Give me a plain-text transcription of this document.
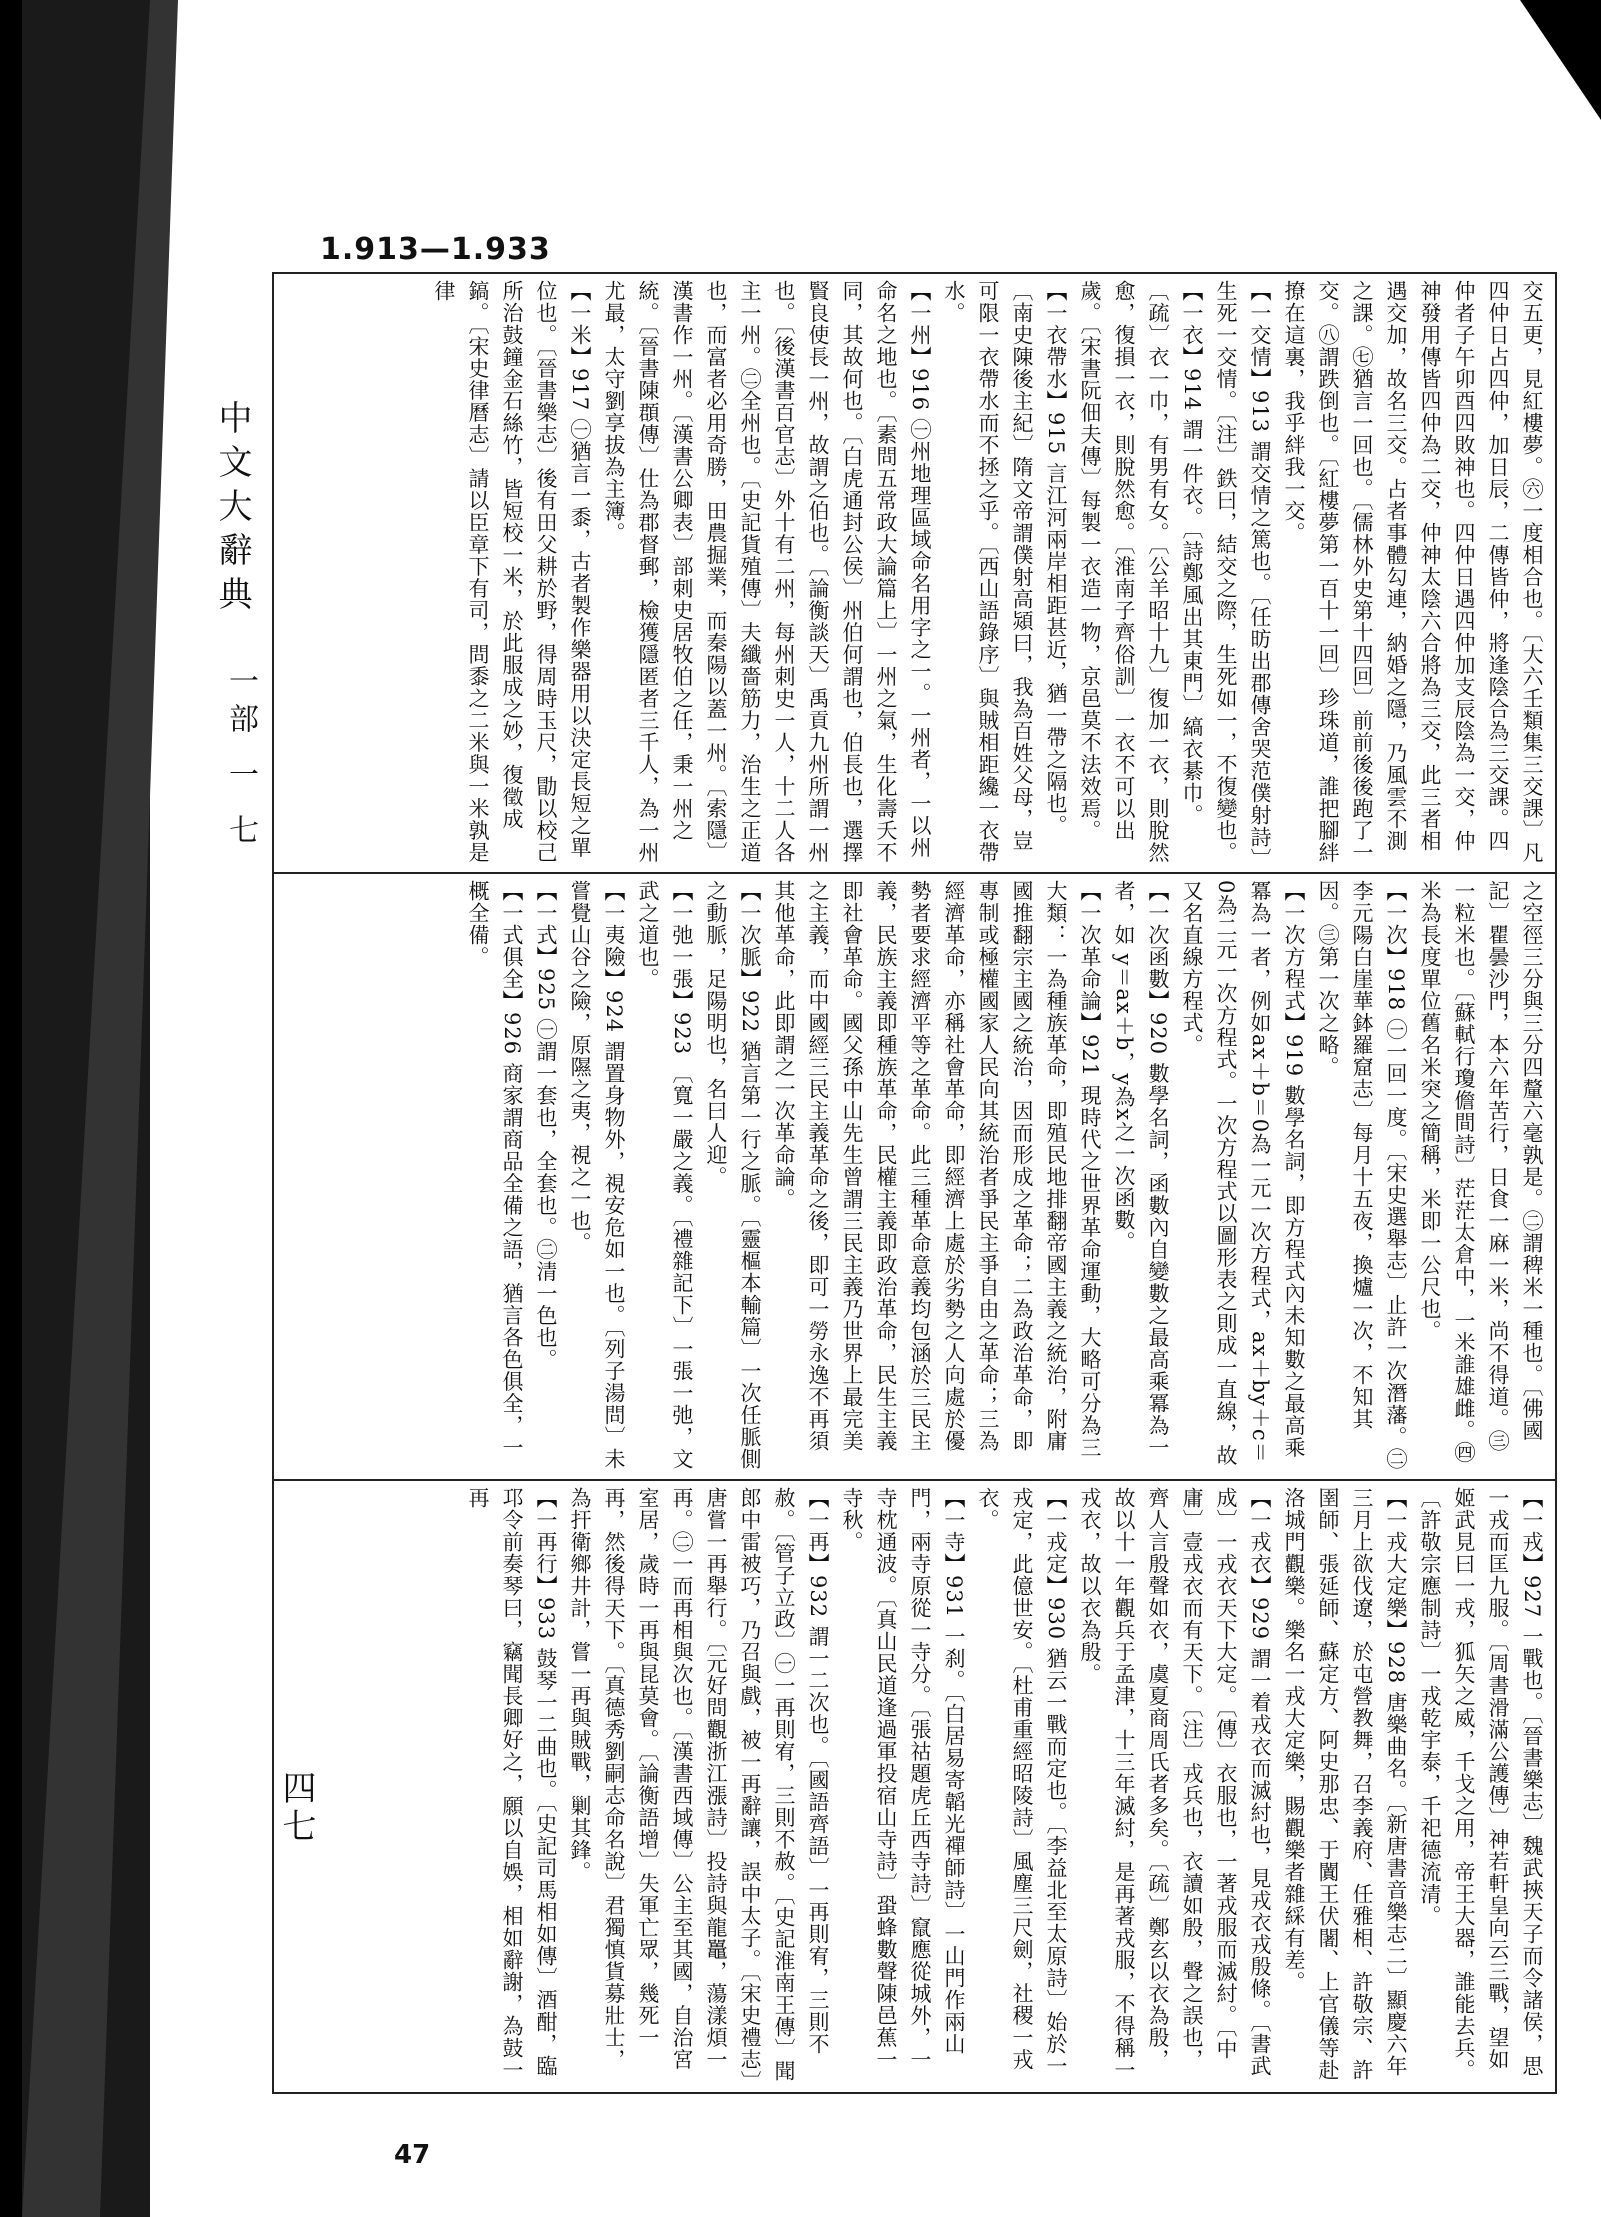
1.913—1.933
中文大辭典
一部 一 七	交五更，見紅樓夢。㊅一度相合也。〔大六壬類集三交課〕凡四仲日占四仲，加日辰，二傳皆仲，將逢陰合為三交課。四仲者子午卯酉四敗神也。四仲日遇四仲加支辰陰為一交，仲神發用傳皆四仲為二交，仲神太陰六合將為三交，此三者相遇交加，故名三交。占者事體勾連，納婚之隱，乃風雲不測之課。㊆猶言一回也。〔儒林外史第十四回〕前前後後跑了一交。㊇謂跌倒也。〔紅樓夢第一百十一回〕珍珠道，誰把腳絆撩在這裏，我乎絆我一交。

【一交情】913 謂交情之篤也。〔任昉出郡傳舍哭范僕射詩〕生死一交情。〔注〕鉄曰，結交之際，生死如一，不復變也。

【一衣】914 謂一件衣。〔詩鄭風出其東門〕縞衣綦巾。〔疏〕衣一巾，有男有女。〔公羊昭十九〕復加一衣，則脫然愈，復損一衣，則脫然愈。〔淮南子齊俗訓〕一衣不可以出歲。〔宋書阮佃夫傳〕每製一衣造一物，京邑莫不法效焉。

【一衣帶水】915 言江河兩岸相距甚近，猶一帶之隔也。〔南史陳後主紀〕隋文帝謂僕射高熲曰，我為百姓父母，豈可限一衣帶水而不拯之乎。〔西山語錄序〕與賊相距纔一衣帶水。

【一州】916 ㊀州地理區域命名用字之一。一州者，一以州命名之地也。〔素問五常政大論篇上〕一州之氣，生化壽夭不同，其故何也。〔白虎通封公侯〕州伯何謂也，伯長也，選擇賢良使長一州，故謂之伯也。〔論衡談天〕禹貢九州所謂一州也。〔後漢書百官志〕外十有二州，每州刺史一人，十二人各主一州。㊁全州也。〔史記貨殖傳〕夫纖嗇筋力，治生之正道也，而富者必用奇勝，田農掘業，而秦陽以蓋一州。〔索隱〕漢書作一州。〔漢書公卿表〕部刺史居牧伯之任，秉一州之統。〔晉書陳頵傳〕仕為郡督郵，檢獲隱匿者三千人，為一州尤最，太守劉享拔為主簿。

【一米】917 ㊀猶言一黍，古者製作樂器用以決定長短之單位也。〔晉書樂志〕後有田父耕於野，得周時玉尺，勖以校己所治鼓鐘金石絲竹，皆短校一米，於此服成之妙，復徵成鎬。〔宋史律曆志〕請以臣章下有司，問黍之二米與一米孰是律

之空徑三分與三分四釐六毫孰是。㊁謂稗米一種也。〔佛國記〕瞿曇沙門，本六年苦行，日食一麻一米，尚不得道。㊂一粒米也。〔蘇軾行瓊儋間詩〕茫茫太倉中，一米誰雄雌。㊃米為長度單位舊名米突之簡稱，米即一公尺也。

【一次】918 ㊀一回一度。〔宋史選舉志〕止許一次潛藩。㊁李元陽白崖華鉢羅窟志〕每月十五夜，換爐一次，不知其因。㊂第一次之略。

【一次方程式】919 數學名詞，即方程式內未知數之最高乘冪為一者，例如ax＋b＝0為一元一次方程式，ax＋by＋c＝0為二元一次方程式。一次方程式以圖形表之則成一直線，故又名直線方程式。

【一次函數】920 數學名詞，函數內自變數之最高乘冪為一者，如 y＝ax＋b，y為x之一次函數。

【一次革命論】921 現時代之世界革命運動，大略可分為三大類：一為種族革命，即殖民地排翻帝國主義之統治，附庸國推翻宗主國之統治，因而形成之革命；二為政治革命，即專制或極權國家人民向其統治者爭民主爭自由之革命；三為經濟革命，亦稱社會革命，即經濟上處於劣勢之人向處於優勢者要求經濟平等之革命。此三種革命意義均包涵於三民主義，民族主義即種族革命，民權主義即政治革命，民生主義即社會革命。國父孫中山先生曾謂三民主義乃世界上最完美之主義，而中國經三民主義革命之後，即可一勞永逸不再須其他革命，此即謂之一次革命論。

【一次脈】922 猶言第一行之脈。〔靈樞本輸篇〕一次任脈側之動脈，足陽明也，名曰人迎。

【一弛一張】923 〔寬一嚴之義。〔禮雜記下〕一張一弛，文武之道也。

【一夷險】924 謂置身物外，視安危如一也。〔列子湯問〕未嘗覺山谷之險，原隰之夷，視之一也。

【一式】925 ㊀謂一套也，全套也。㊁清一色也。

【一式俱全】926 商家謂商品全備之語，猶言各色俱全，一概全備。

【一戎】927 一戰也。〔晉書樂志〕魏武挾天子而令諸侯，思一戎而匡九服。〔周書滑滿公護傳〕神若軒皇向云三戰，望如姬武見曰一戎，狐矢之威，千戈之用，帝王大器，誰能去兵。〔許敬宗應制詩〕一戎乾宇泰，千祀德流清。

【一戎大定樂】928 唐樂曲名。〔新唐書音樂志二〕顯慶六年三月上欲伐遼，於屯營教舞，召李義府、任雅相、許敬宗、許圉師、張延師、蘇定方、阿史那忠、于闐王伏闍、上官儀等赴洛城門觀樂。樂名一戎大定樂，賜觀樂者雜綵有差。

【一戎衣】929 謂一着戎衣而滅紂也，見戎衣戎殷條。〔書武成〕一戎衣天下大定。〔傳〕衣服也，一著戎服而滅紂。〔中庸〕壹戎衣而有天下。〔注〕戎兵也，衣讀如殷，聲之誤也，齊人言殷聲如衣，虞夏商周氏者多矣。〔疏〕鄭玄以衣為殷，故以十一年觀兵于孟津，十三年滅紂，是再著戎服，不得稱一戎衣，故以衣為殷。

【一戎定】930 猶云一戰而定也。〔李益北至太原詩〕始於一戎定，此億世安。〔杜甫重經昭陵詩〕風塵三尺劍，社稷一戎衣。

【一寺】931 一刹。〔白居易寄韜光禪師詩〕一山門作兩山門，兩寺原從一寺分。〔張祜題虎丘西寺詩〕竄應從城外，一寺枕通波。〔真山民道逢過軍投宿山寺詩〕蛩蜂數聲陳邑蕉一寺秋。

【一再】932 謂一二次也。〔國語齊語〕一再則宥，三則不赦。〔管子立政〕㊀一再則宥，三則不赦。〔史記淮南王傳〕聞郎中雷被巧，乃召與戲，被一再辭讓，誤中太子。〔宋史禮志〕唐嘗一再舉行。〔元好問觀浙江漲詩〕投詩與龍鼉，蕩漾煩一再。㊁一而再相與次也。〔漢書西域傳〕公主至其國，自治宮室居，歲時一再與昆莫會。〔論衡語增〕失軍亡眾，幾死一再，然後得天下。〔真德秀劉嗣志命名說〕君獨慎貨募壯士，為扞衛鄉井計，嘗一再與賊戰，剿其鋒。

【一再行】933 鼓琴一二曲也。〔史記司馬相如傳〕酒酣，臨邛令前奏琴曰，竊聞長卿好之，願以自娛，相如辭謝，為鼓一再

四七
47
